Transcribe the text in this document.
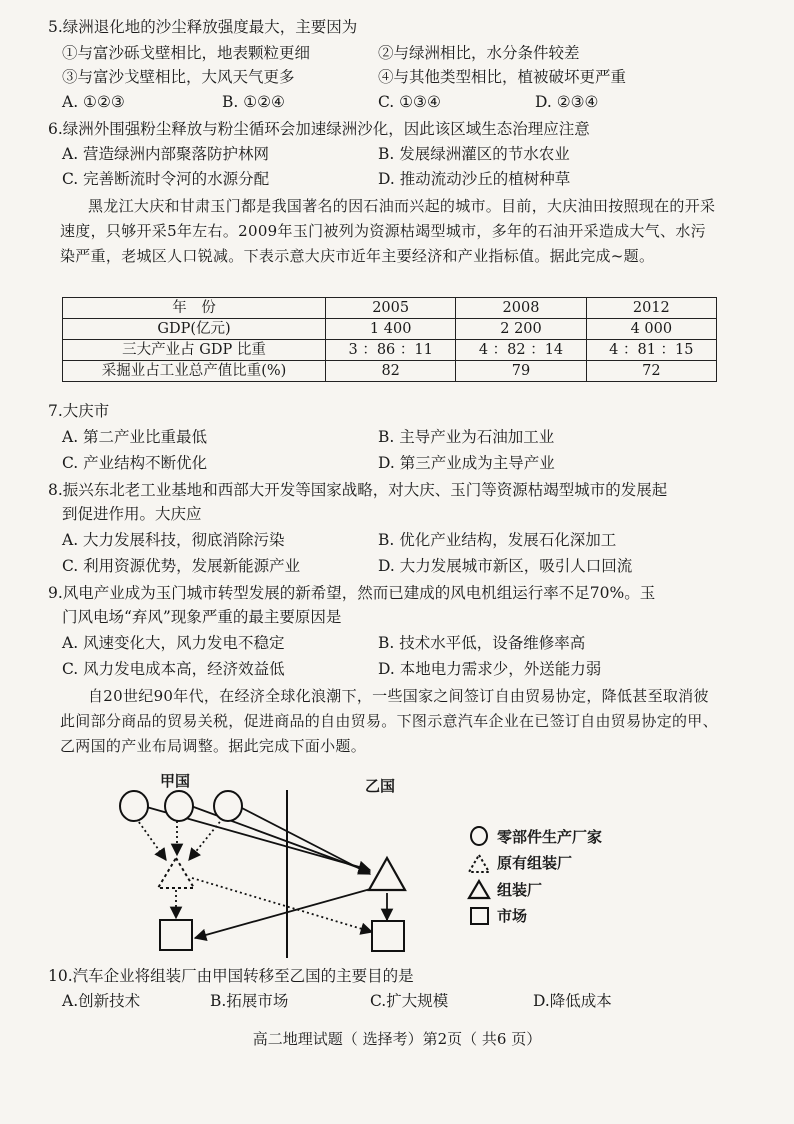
5.绿洲退化地的沙尘释放强度最大，主要因为
①与富沙砾戈壁相比，地表颗粒更细	②与绿洲相比，水分条件较差
③与富沙戈壁相比，大风天气更多	④与其他类型相比，植被破坏更严重
A. ①②③	B. ①②④	C. ①③④	D. ②③④
6.绿洲外围强粉尘释放与粉尘循环会加速绿洲沙化，因此该区域生态治理应注意
A. 营造绿洲内部聚落防护林网	B. 发展绿洲灌区的节水农业
C. 完善断流时令河的水源分配	D. 推动流动沙丘的植树种草
黑龙江大庆和甘肃玉门都是我国著名的因石油而兴起的城市。目前，大庆油田按照现在的开采速度，只够开采5年左右。2009年玉门被列为资源枯竭型城市，多年的石油开采造成大气、水污染严重，老城区人口锐减。下表示意大庆市近年主要经济和产业指标值。据此完成~题。
年　份	2005	2008	2012
GDP(亿元)	1 400	2 200	4 000
三大产业占 GDP 比重	3 ：86 ：11	4 ：82 ：14	4 ：81 ：15
采掘业占工业总产值比重(%)	82	79	72
7.大庆市
A. 第二产业比重最低	B. 主导产业为石油加工业
C. 产业结构不断优化	D. 第三产业成为主导产业
8.振兴东北老工业基地和西部大开发等国家战略，对大庆、玉门等资源枯竭型城市的发展起
到促进作用。大庆应
A. 大力发展科技，彻底消除污染	B. 优化产业结构，发展石化深加工
C. 利用资源优势，发展新能源产业	D. 大力发展城市新区，吸引人口回流
9.风电产业成为玉门城市转型发展的新希望，然而已建成的风电机组运行率不足70%。玉
门风电场“弃风”现象严重的最主要原因是
A. 风速变化大，风力发电不稳定	B. 技术水平低，设备维修率高
C. 风力发电成本高，经济效益低	D. 本地电力需求少，外送能力弱
自20世纪90年代，在经济全球化浪潮下，一些国家之间签订自由贸易协定，降低甚至取消彼此间部分商品的贸易关税，促进商品的自由贸易。下图示意汽车企业在已签订自由贸易协定的甲、乙两国的产业布局调整。据此完成下面小题。
甲国	乙国
零部件生产厂家
原有组装厂
组装厂
市场
10.汽车企业将组装厂由甲国转移至乙国的主要目的是
A.创新技术	B.拓展市场	C.扩大规模	D.降低成本
高二地理试题（ 选择考）第2页（ 共6 页）
